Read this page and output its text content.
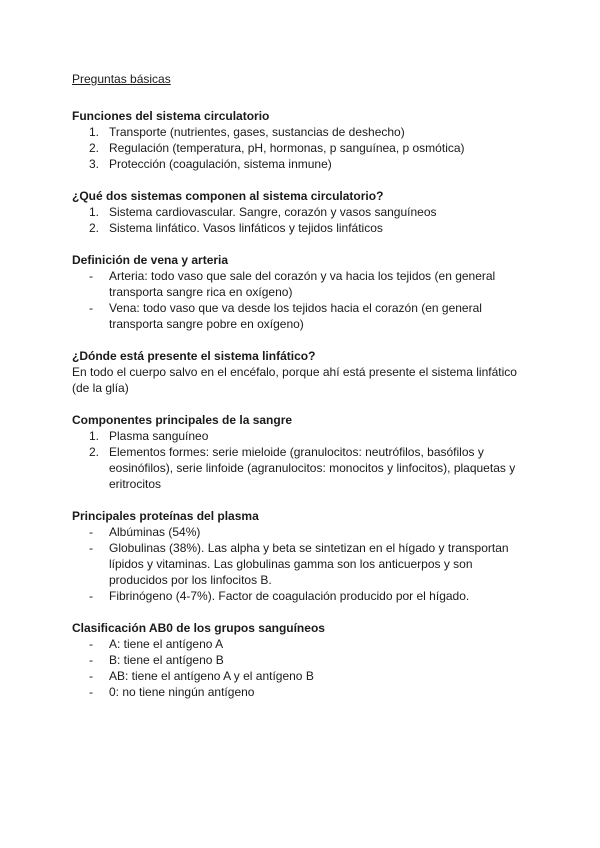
Preguntas básicas

Funciones del sistema circulatorio
1. Transporte (nutrientes, gases, sustancias de deshecho)
2. Regulación (temperatura, pH, hormonas, p sanguínea, p osmótica)
3. Protección (coagulación, sistema inmune)
¿Qué dos sistemas componen al sistema circulatorio?
1. Sistema cardiovascular. Sangre, corazón y vasos sanguíneos
2. Sistema linfático. Vasos linfáticos y tejidos linfáticos
Definición de vena y arteria
- Arteria: todo vaso que sale del corazón y va hacia los tejidos (en general transporta sangre rica en oxígeno)
- Vena: todo vaso que va desde los tejidos hacia el corazón (en general transporta sangre pobre en oxígeno)
¿Dónde está presente el sistema linfático?

En todo el cuerpo salvo en el encéfalo, porque ahí está presente el sistema linfático (de la glía)

Componentes principales de la sangre
1. Plasma sanguíneo
2. Elementos formes: serie mieloide (granulocitos: neutrófilos, basófilos y eosinófilos), serie linfoide (agranulocitos: monocitos y linfocitos), plaquetas y eritrocitos
Principales proteínas del plasma
- Albúminas (54%)
- Globulinas (38%). Las alpha y beta se sintetizan en el hígado y transportan lípidos y vitaminas. Las globulinas gamma son los anticuerpos y son producidos por los linfocitos B.
- Fibrinógeno (4-7%). Factor de coagulación producido por el hígado.
Clasificación AB0 de los grupos sanguíneos
- A: tiene el antígeno A
- B: tiene el antígeno B
- AB: tiene el antígeno A y el antígeno B
- 0: no tiene ningún antígeno
